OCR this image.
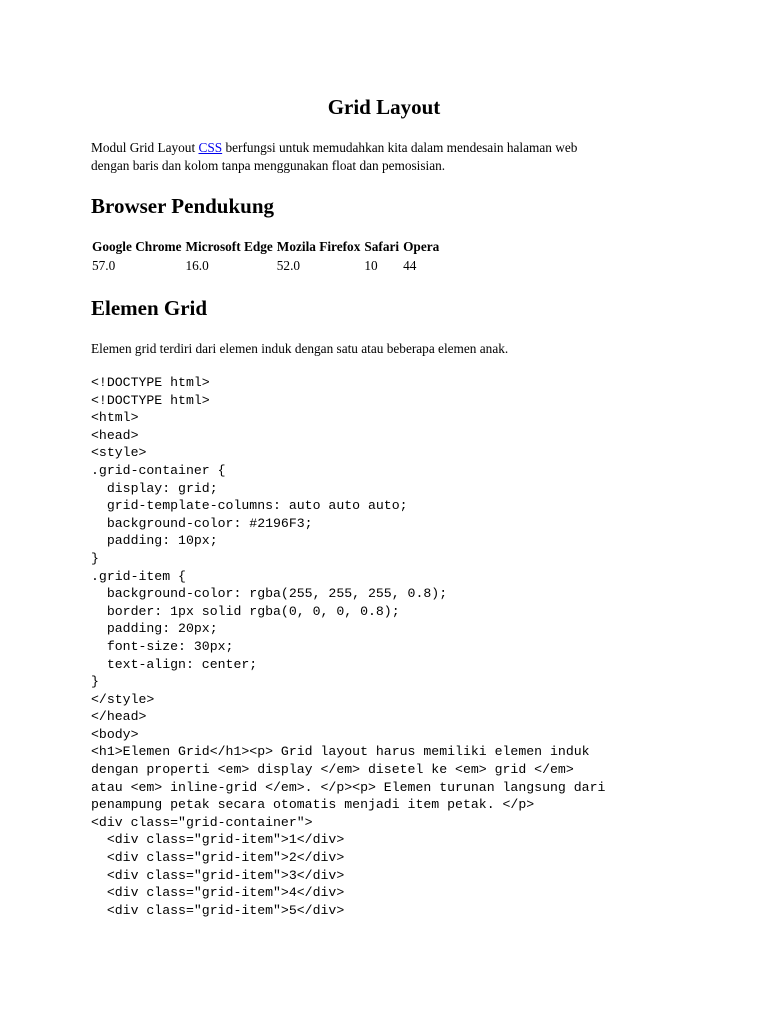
Grid Layout
Modul Grid Layout CSS berfungsi untuk memudahkan kita dalam mendesain halaman web
dengan baris dan kolom tanpa menggunakan float dan pemosisian.
Browser Pendukung
Google Chrome	Microsoft Edge	Mozila Firefox	Safari	Opera
57.0	16.0	52.0	10	44
Elemen Grid
Elemen grid terdiri dari elemen induk dengan satu atau beberapa elemen anak.
<!DOCTYPE html>
<!DOCTYPE html>
<html>
<head>
<style>
.grid-container {
display: grid;
grid-template-columns: auto auto auto;
background-color: #2196F3;
padding: 10px;
}
.grid-item {
background-color: rgba(255, 255, 255, 0.8);
border: 1px solid rgba(0, 0, 0, 0.8);
padding: 20px;
font-size: 30px;
text-align: center;
}
</style>
</head>
<body>
<h1>Elemen Grid</h1><p> Grid layout harus memiliki elemen induk
dengan properti <em> display </em> disetel ke <em> grid </em>
atau <em> inline-grid </em>. </p><p> Elemen turunan langsung dari
penampung petak secara otomatis menjadi item petak. </p>
<div class="grid-container">
<div class="grid-item">1</div>
<div class="grid-item">2</div>
<div class="grid-item">3</div>
<div class="grid-item">4</div>
<div class="grid-item">5</div>
